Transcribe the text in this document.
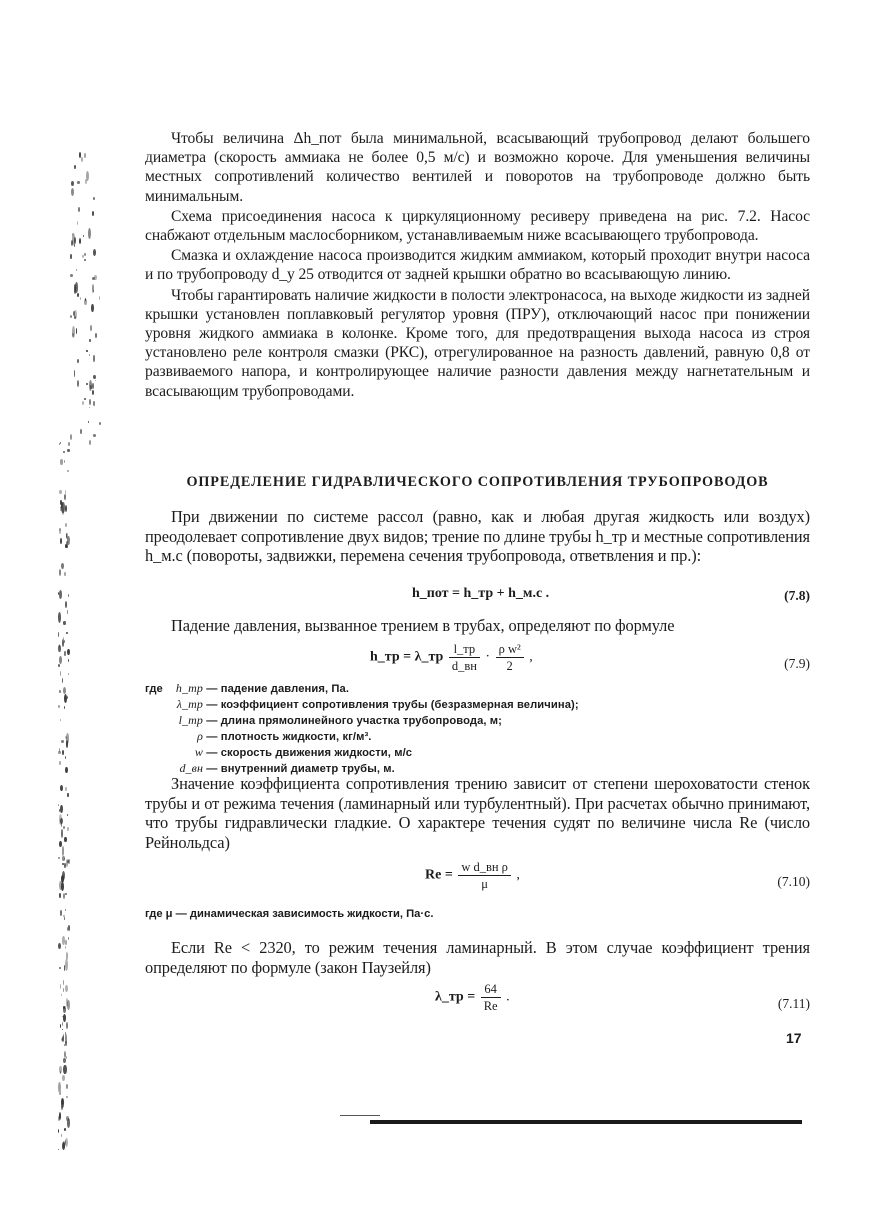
Чтобы величина Δh_пот была минимальной, всасывающий трубопровод делают большего диаметра (скорость аммиака не более 0,5 м/с) и возможно короче. Для уменьшения величины местных сопротивлений количество вентилей и поворотов на трубопроводе должно быть минимальным.

Схема присоединения насоса к циркуляционному ресиверу приведена на рис. 7.2. Насос снабжают отдельным маслосборником, устанавливаемым ниже всасывающего трубопровода.

Смазка и охлаждение насоса производится жидким аммиаком, который проходит внутри насоса и по трубопроводу d_у 25 отводится от задней крышки обратно во всасывающую линию.

Чтобы гарантировать наличие жидкости в полости электронасоса, на выходе жидкости из задней крышки установлен поплавковый регулятор уровня (ПРУ), отключающий насос при понижении уровня жидкого аммиака в колонке. Кроме того, для предотвращения выхода насоса из строя установлено реле контроля смазки (РКС), отрегулированное на разность давлений, равную 0,8 от развиваемого напора, и контролирующее наличие разности давления между нагнетательным и всасывающим трубопроводами.

ОПРЕДЕЛЕНИЕ ГИДРАВЛИЧЕСКОГО СОПРОТИВЛЕНИЯ ТРУБОПРОВОДОВ

При движении по системе рассол (равно, как и любая другая жидкость или воздух) преодолевает сопротивление двух видов; трение по длине трубы h_тр и местные сопротивления h_м.с (повороты, задвижки, перемена сечения трубопровода, ответвления и пр.):

h_пот = h_тр + h_м.с .	(7.8)

Падение давления, вызванное трением в трубах, определяют по формуле

h_тр = λ_тр $\frac{l\_тр}{d\_вн} \cdot \frac{\text{ρ w²}}{2}$ ,	(7.9)
где h_тр — падение давления, Па.
λ_тр — коэффициент сопротивления трубы (безразмерная величина);
l_тр — длина прямолинейного участка трубопровода, м;
ρ — плотность жидкости, кг/м³.
w — скорость движения жидкости, м/с
d_вн — внутренний диаметр трубы, м.

Значение коэффициента сопротивления трению зависит от степени шероховатости стенок трубы и от режима течения (ламинарный или турбулентный). При расчетах обычно принимают, что трубы гидравлически гладкие. О характере течения судят по величине числа Re (число Рейнольдса)

$Re = \frac{\text{w d\_вн ρ}}{\mu}$ ,	(7.10)
где μ — динамическая зависимость жидкости, Па·с.

Если Re < 2320, то режим течения ламинарный. В этом случае коэффициент трения определяют по формуле (закон Паузейля)

λ_тр = $\frac{64}{Re}$ .	(7.11)
17
